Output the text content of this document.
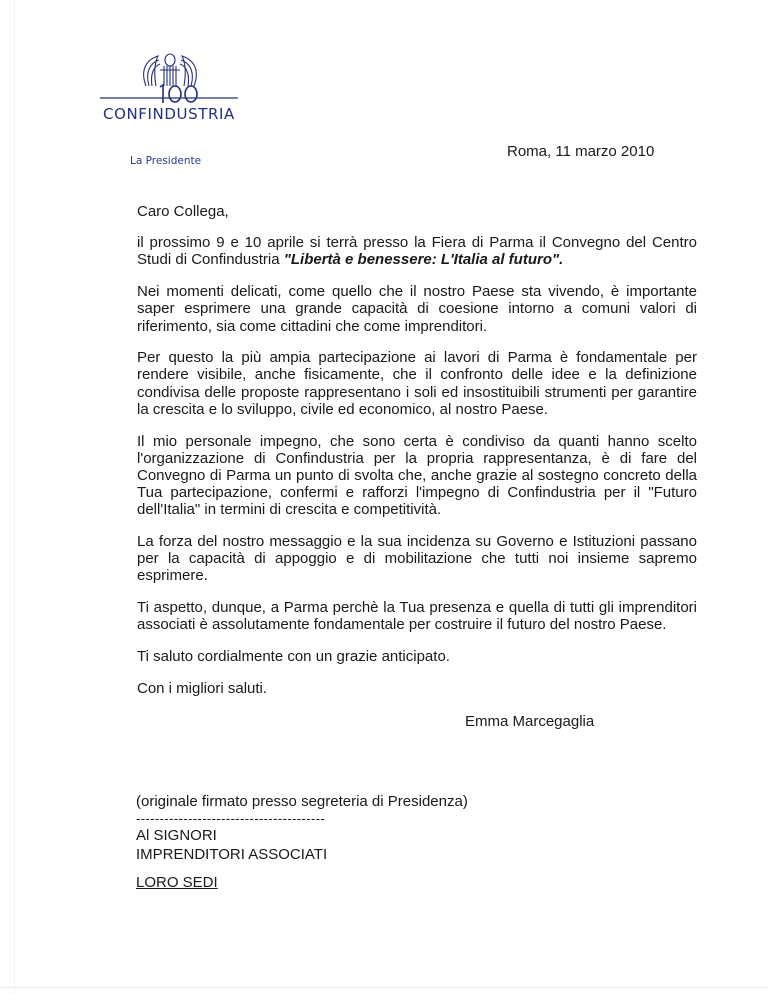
CONFINDUSTRIA
La Presidente
Roma, 11 marzo 2010

Caro Collega,

il prossimo 9 e 10 aprile si terrà presso la Fiera di Parma il Convegno del Centro Studi di Confindustria "Libertà e benessere: L'Italia al futuro".

Nei momenti delicati, come quello che il nostro Paese sta vivendo, è importante saper esprimere una grande capacità di coesione intorno a comuni valori di riferimento, sia come cittadini che come imprenditori.

Per questo la più ampia partecipazione ai lavori di Parma è fondamentale per rendere visibile, anche fisicamente, che il confronto delle idee e la definizione condivisa delle proposte rappresentano i soli ed insostituibili strumenti per garantire la crescita e lo sviluppo, civile ed economico, al nostro Paese.

Il mio personale impegno, che sono certa è condiviso da quanti hanno scelto l'organizzazione di Confindustria per la propria rappresentanza, è di fare del Convegno di Parma un punto di svolta che, anche grazie al sostegno concreto della Tua partecipazione, confermi e rafforzi l'impegno di Confindustria per il "Futuro dell'Italia" in termini di crescita e competitività.

La forza del nostro messaggio e la sua incidenza su Governo e Istituzioni passano per la capacità di appoggio e di mobilitazione che tutti noi insieme sapremo esprimere.

Ti aspetto, dunque, a Parma perchè la Tua presenza e quella di tutti gli imprenditori associati è assolutamente fondamentale per costruire il futuro del nostro Paese.

Ti saluto cordialmente con un grazie anticipato.

Con i migliori saluti.

Emma Marcegaglia
(originale firmato presso segreteria di Presidenza)
----------------------------------------
Al SIGNORI
IMPRENDITORI ASSOCIATI
LORO SEDI
